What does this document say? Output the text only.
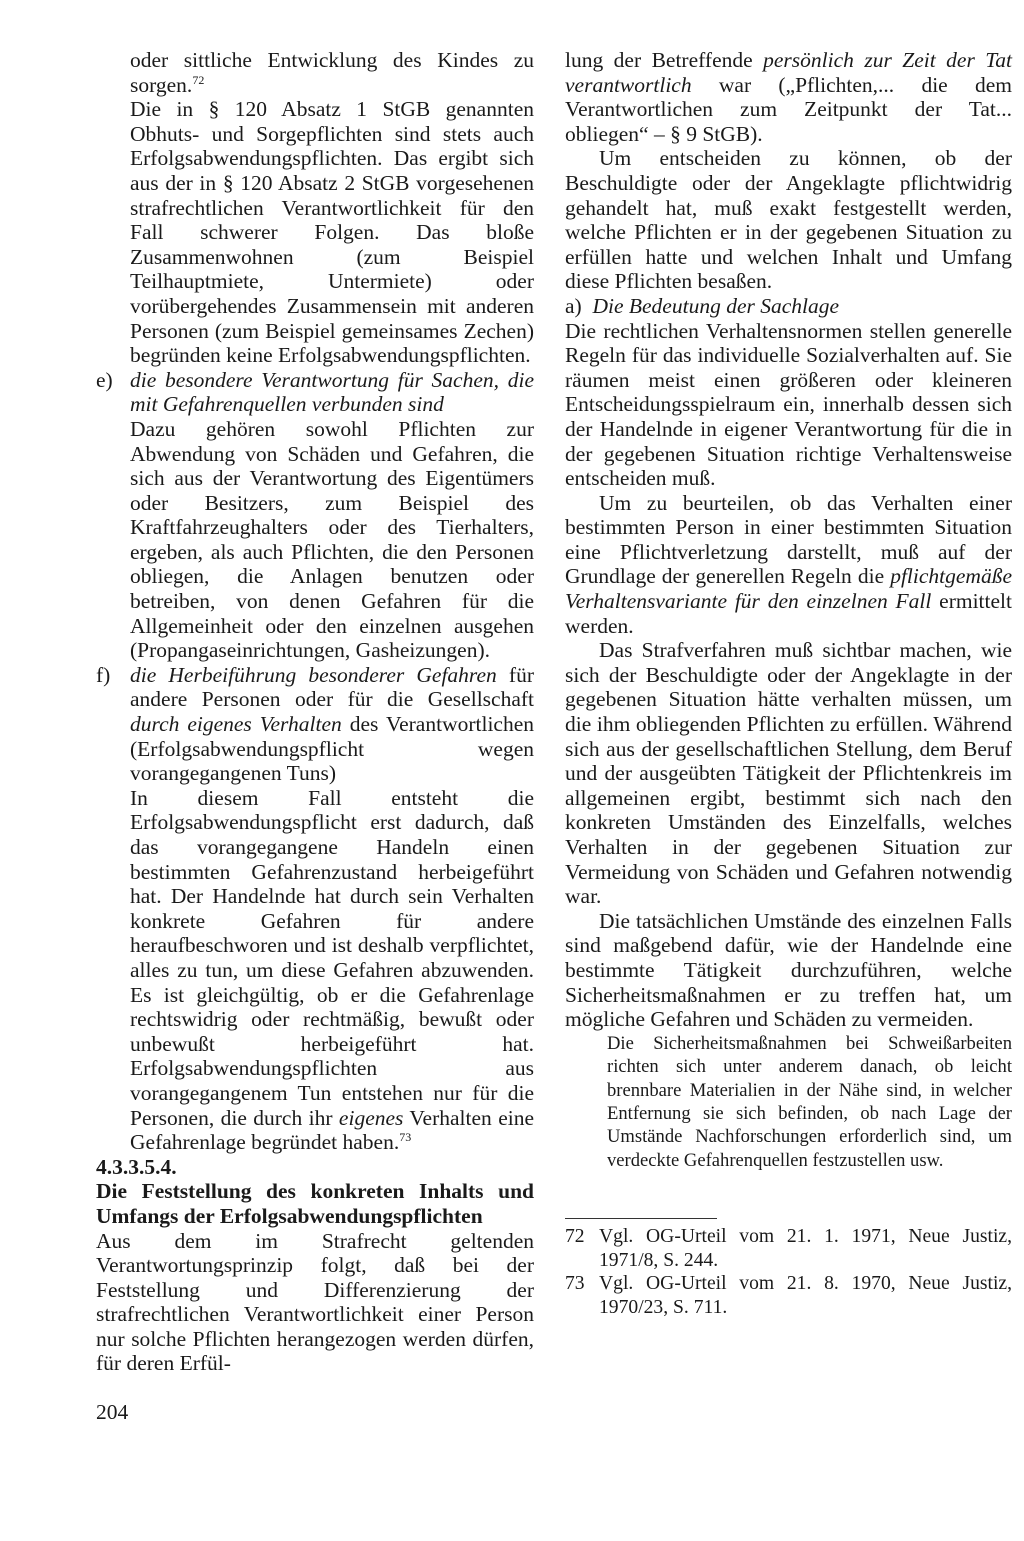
oder sittliche Entwicklung des Kindes zu sorgen.$^{72}$

Die in § 120 Absatz 1 StGB genannten Obhuts- und Sorgepflichten sind stets auch Erfolgsabwendungspflichten. Das ergibt sich aus der in § 120 Absatz 2 StGB vorgesehenen strafrechtlichen Verantwortlichkeit für den Fall schwerer Folgen. Das bloße Zusammenwohnen (zum Beispiel Teilhauptmiete, Untermiete) oder vorübergehendes Zusammensein mit anderen Personen (zum Beispiel gemeinsames Zechen) begründen keine Erfolgsabwendungspflichten.

e) die besondere Verantwortung für Sachen, die mit Gefahrenquellen verbunden sind

Dazu gehören sowohl Pflichten zur Abwendung von Schäden und Gefahren, die sich aus der Verantwortung des Eigentümers oder Besitzers, zum Beispiel des Kraftfahrzeughalters oder des Tierhalters, ergeben, als auch Pflichten, die den Personen obliegen, die Anlagen benutzen oder betreiben, von denen Gefahren für die Allgemeinheit oder den einzelnen ausgehen (Propangaseinrichtungen, Gasheizungen).

f) die Herbeiführung besonderer Gefahren für andere Personen oder für die Gesellschaft durch eigenes Verhalten des Verantwortlichen (Erfolgsabwendungspflicht wegen vorangegangenen Tuns)

In diesem Fall entsteht die Erfolgsabwendungspflicht erst dadurch, daß das vorangegangene Handeln einen bestimmten Gefahrenzustand herbeigeführt hat. Der Handelnde hat durch sein Verhalten konkrete Gefahren für andere heraufbeschworen und ist deshalb verpflichtet, alles zu tun, um diese Gefahren abzuwenden. Es ist gleichgültig, ob er die Gefahrenlage rechtswidrig oder rechtmäßig, bewußt oder unbewußt herbeigeführt hat. Erfolgsabwendungspflichten aus vorangegangenem Tun entstehen nur für die Personen, die durch ihr eigenes Verhalten eine Gefahrenlage begründet haben.$^{73}$

4.3.3.5.4.

Die Feststellung des konkreten Inhalts und Umfangs der Erfolgsabwendungspflichten

Aus dem im Strafrecht geltenden Verantwortungsprinzip folgt, daß bei der Feststellung und Differenzierung der strafrechtlichen Verantwortlichkeit einer Person nur solche Pflichten herangezogen werden dürfen, für deren Erfül-

lung der Betreffende persönlich zur Zeit der Tat verantwortlich war („Pflichten,... die dem Verantwortlichen zum Zeitpunkt der Tat... obliegen“ – § 9 StGB).

Um entscheiden zu können, ob der Beschuldigte oder der Angeklagte pflichtwidrig gehandelt hat, muß exakt festgestellt werden, welche Pflichten er in der gegebenen Situation zu erfüllen hatte und welchen Inhalt und Umfang diese Pflichten besaßen.

a) Die Bedeutung der Sachlage

Die rechtlichen Verhaltensnormen stellen generelle Regeln für das individuelle Sozialverhalten auf. Sie räumen meist einen größeren oder kleineren Entscheidungsspielraum ein, innerhalb dessen sich der Handelnde in eigener Verantwortung für die in der gegebenen Situation richtige Verhaltensweise entscheiden muß.

Um zu beurteilen, ob das Verhalten einer bestimmten Person in einer bestimmten Situation eine Pflichtverletzung darstellt, muß auf der Grundlage der generellen Regeln die pflichtgemäße Verhaltensvariante für den einzelnen Fall ermittelt werden.

Das Strafverfahren muß sichtbar machen, wie sich der Beschuldigte oder der Angeklagte in der gegebenen Situation hätte verhalten müssen, um die ihm obliegenden Pflichten zu erfüllen. Während sich aus der gesellschaftlichen Stellung, dem Beruf und der ausgeübten Tätigkeit der Pflichtenkreis im allgemeinen ergibt, bestimmt sich nach den konkreten Umständen des Einzelfalls, welches Verhalten in der gegebenen Situation zur Vermeidung von Schäden und Gefahren notwendig war.

Die tatsächlichen Umstände des einzelnen Falls sind maßgebend dafür, wie der Handelnde eine bestimmte Tätigkeit durchzuführen, welche Sicherheitsmaßnahmen er zu treffen hat, um mögliche Gefahren und Schäden zu vermeiden.

Die Sicherheitsmaßnahmen bei Schweißarbeiten richten sich unter anderem danach, ob leicht brennbare Materialien in der Nähe sind, in welcher Entfernung sie sich befinden, ob nach Lage der Umstände Nachforschungen erforderlich sind, um verdeckte Gefahrenquellen festzustellen usw.

72 Vgl. OG-Urteil vom 21. 1. 1971, Neue Justiz, 1971/8, S. 244.
73 Vgl. OG-Urteil vom 21. 8. 1970, Neue Justiz, 1970/23, S. 711.
204
